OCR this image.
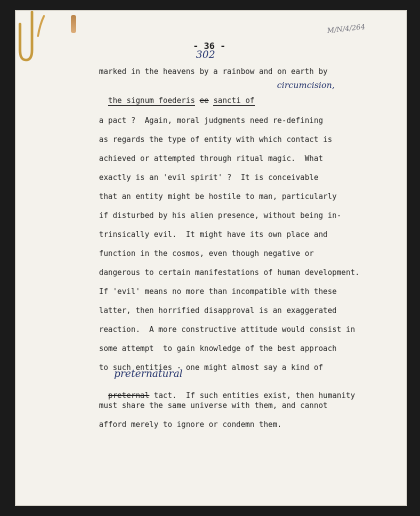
M/N/4/264
- 36 -
302
marked in the heavens by a rainbow and on earth by

the signum foederis ee sancti of

circumcision,
a pact ?  Again, moral judgments need re-defining
as regards the type of entity with which contact is
achieved or attempted through ritual magic.  What
exactly is an 'evil spirit' ?  It is conceivable
that an entity might be hostile to man, particularly
if disturbed by his alien presence, without being in-
trinsically evil.  It might have its own place and
function in the cosmos, even though negative or
dangerous to certain manifestations of human development.
If 'evil' means no more than incompatible with these
latter, then horrified disapproval is an exaggerated
reaction.  A more constructive attitude would consist in
some attempt  to gain knowledge of the best approach
to such entities - one might almost say a kind of
preternatural

preternal tact.  If such entities exist, then humanity

must share the same universe with them, and cannot
afford merely to ignore or condemn them.
